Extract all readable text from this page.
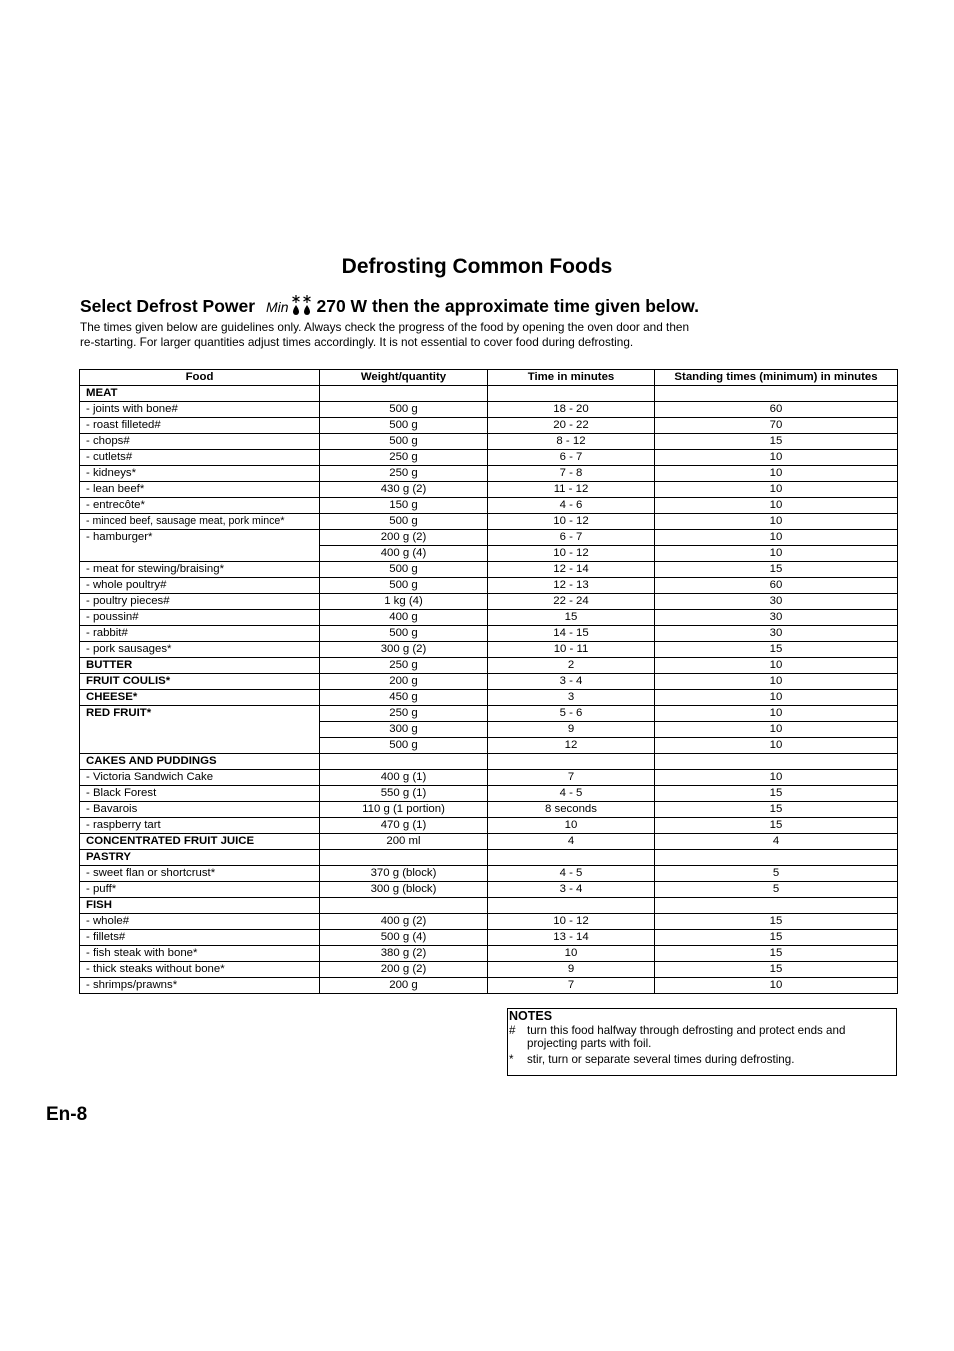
Defrosting Common Foods
Select Defrost Power Min 270 W then the approximate time given below.

The times given below are guidelines only. Always check the progress of the food by opening the oven door and then
re-starting. For larger quantities adjust times accordingly. It is not essential to cover food during defrosting.

Food	Weight/quantity	Time in minutes	Standing times (minimum) in minutes
MEAT			
- joints with bone#	500 g	18 - 20	60
- roast filleted#	500 g	20 - 22	70
- chops#	500 g	8 - 12	15
- cutlets#	250 g	6 - 7	10
- kidneys*	250 g	7 - 8	10
- lean beef*	430 g (2)	11 - 12	10
- entrecôte*	150 g	4 - 6	10
- minced beef, sausage meat, pork mince*	500 g	10 - 12	10
- hamburger*	200 g (2)	6 - 7	10
	400 g (4)	10 - 12	10
- meat for stewing/braising*	500 g	12 - 14	15
- whole poultry#	500 g	12 - 13	60
- poultry pieces#	1 kg (4)	22 - 24	30
- poussin#	400 g	15	30
- rabbit#	500 g	14 - 15	30
- pork sausages*	300 g (2)	10 - 11	15
BUTTER	250 g	2	10
FRUIT COULIS*	200 g	3 - 4	10
CHEESE*	450 g	3	10
RED FRUIT*	250 g	5 - 6	10
	300 g	9	10
	500 g	12	10
CAKES AND PUDDINGS			
- Victoria Sandwich Cake	400 g (1)	7	10
- Black Forest	550 g (1)	4 - 5	15
- Bavarois	110 g (1 portion)	8 seconds	15
- raspberry tart	470 g (1)	10	15
CONCENTRATED FRUIT JUICE	200 ml	4	4
PASTRY			
- sweet flan or shortcrust*	370 g (block)	4 - 5	5
- puff*	300 g (block)	3 - 4	5
FISH			
- whole#	400 g (2)	10 - 12	15
- fillets#	500 g (4)	13 - 14	15
- fish steak with bone*	380 g (2)	10	15
- thick steaks without bone*	200 g (2)	9	15
- shrimps/prawns*	200 g	7	10
NOTES
# turn this food halfway through defrosting and protect ends and projecting parts with foil.
*	stir, turn or separate several times during defrosting.
En-8
